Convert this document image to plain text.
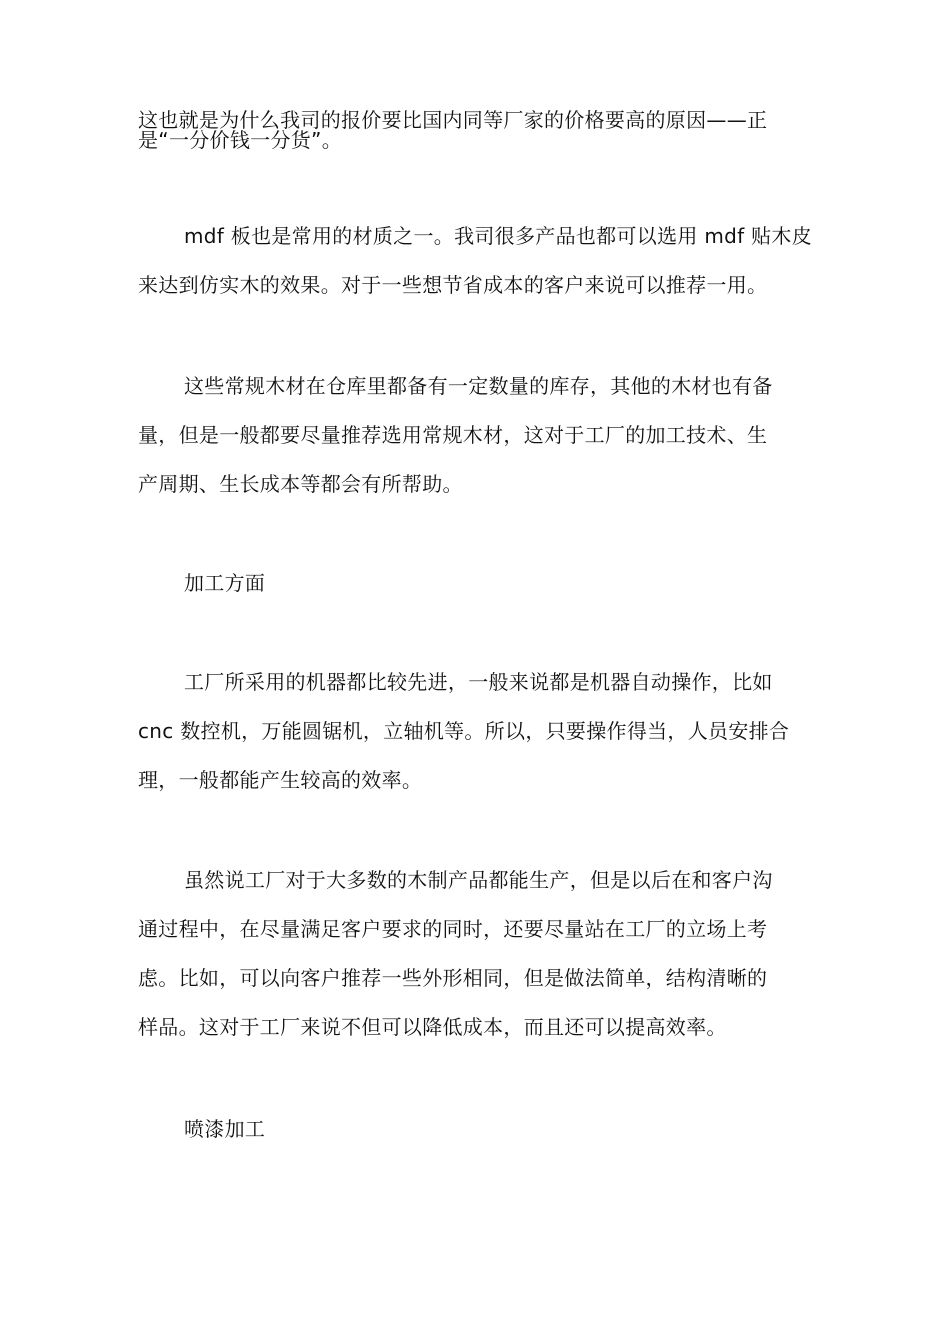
这也就是为什么我司的报价要比国内同等厂家的价格要高的原因——正
是“一分价钱一分货”。
mdf 板也是常用的材质之一。我司很多产品也都可以选用 mdf 贴木皮
来达到仿实木的效果。对于一些想节省成本的客户来说可以推荐一用。
这些常规木材在仓库里都备有一定数量的库存，其他的木材也有备
量，但是一般都要尽量推荐选用常规木材，这对于工厂的加工技术、生
产周期、生长成本等都会有所帮助。
加工方面
工厂所采用的机器都比较先进，一般来说都是机器自动操作，比如
cnc 数控机，万能圆锯机，立轴机等。所以，只要操作得当，人员安排合
理，一般都能产生较高的效率。
虽然说工厂对于大多数的木制产品都能生产，但是以后在和客户沟
通过程中，在尽量满足客户要求的同时，还要尽量站在工厂的立场上考
虑。比如，可以向客户推荐一些外形相同，但是做法简单，结构清晰的
样品。这对于工厂来说不但可以降低成本，而且还可以提高效率。
喷漆加工
